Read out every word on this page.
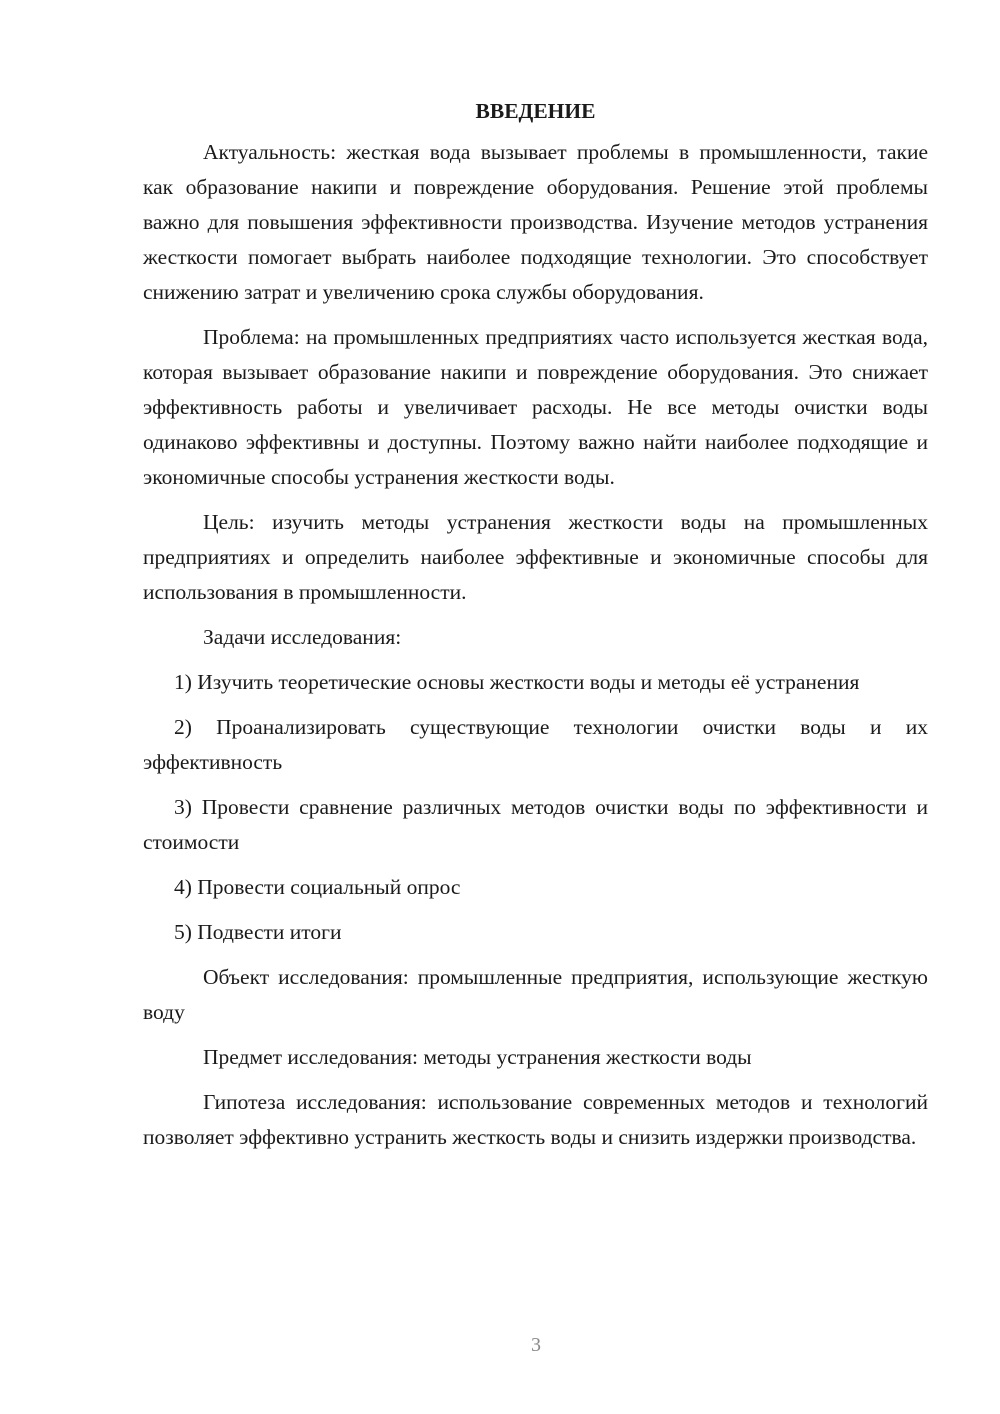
ВВЕДЕНИЕ

Актуальность: жесткая вода вызывает проблемы в промышленности, такие как образование накипи и повреждение оборудования. Решение этой проблемы важно для повышения эффективности производства. Изучение методов устранения жесткости помогает выбрать наиболее подходящие технологии. Это способствует снижению затрат и увеличению срока службы оборудования.

Проблема: на промышленных предприятиях часто используется жесткая вода, которая вызывает образование накипи и повреждение оборудования. Это снижает эффективность работы и увеличивает расходы. Не все методы очистки воды одинаково эффективны и доступны. Поэтому важно найти наиболее подходящие и экономичные способы устранения жесткости воды.

Цель: изучить методы устранения жесткости воды на промышленных предприятиях и определить наиболее эффективные и экономичные способы для использования в промышленности.

Задачи исследования:

1) Изучить теоретические основы жесткости воды и методы её устранения

2) Проанализировать существующие технологии очистки воды и их эффективность

3) Провести сравнение различных методов очистки воды по эффективности и стоимости

4) Провести социальный опрос

5) Подвести итоги

Объект исследования: промышленные предприятия, использующие жесткую воду

Предмет исследования: методы устранения жесткости воды

Гипотеза исследования: использование современных методов и технологий позволяет эффективно устранить жесткость воды и снизить издержки производства.

3
